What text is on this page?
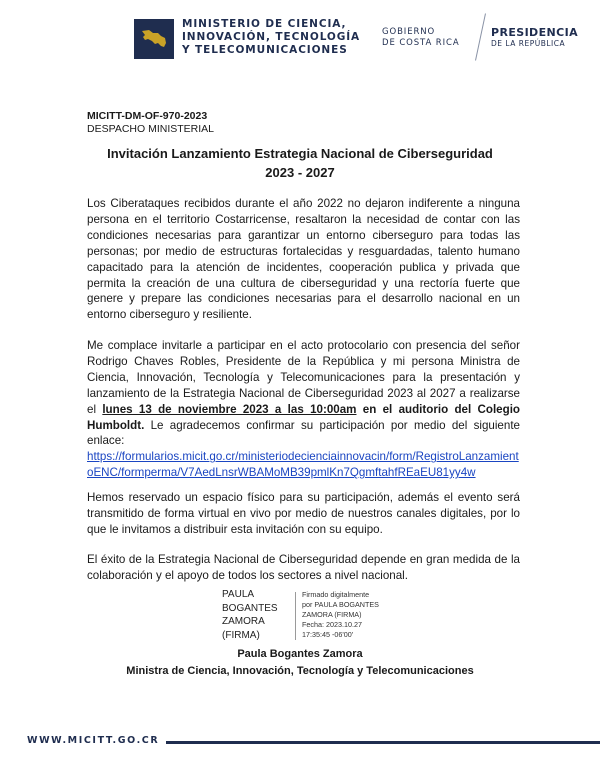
MINISTERIO DE CIENCIA,
INNOVACIÓN, TECNOLOGÍA
Y TELECOMUNICACIONES
GOBIERNO
DE COSTA RICA
PRESIDENCIA
DE LA REPÚBLICA
MICITT-DM-OF-970-2023
DESPACHO MINISTERIAL
Invitación Lanzamiento Estrategia Nacional de Ciberseguridad
2023 - 2027
Los Ciberataques recibidos durante el año 2022 no dejaron indiferente a ninguna persona en el territorio Costarricense, resaltaron la necesidad de contar con las condiciones necesarias para garantizar un entorno ciberseguro para todas las personas; por medio de estructuras fortalecidas y resguardadas, talento humano capacitado para la atención de incidentes, cooperación publica y privada que permita la creación de una cultura de ciberseguridad y una rectoría fuerte que genere y prepare las condiciones necesarias para el desarrollo nacional en un entorno ciberseguro y resiliente.
Me complace invitarle a participar en el acto protocolario con presencia del señor Rodrigo Chaves Robles, Presidente de la República y mi persona Ministra de Ciencia, Innovación, Tecnología y Telecomunicaciones para la presentación y lanzamiento de la Estrategia Nacional de Ciberseguridad 2023 al 2027 a realizarse el lunes 13 de noviembre 2023 a las 10:00am en el auditorio del Colegio Humboldt. Le agradecemos confirmar su participación por medio del siguiente enlace:
https://formularios.micit.go.cr/ministeriodecienciainnovacin/form/RegistroLanzamientoENC/formperma/V7AedLnsrWBAMoMB39pmlKn7QgmftahfREaEU81yy4w
Hemos reservado un espacio físico para su participación, además el evento será transmitido de forma virtual en vivo por medio de nuestros canales digitales, por lo que le invitamos a distribuir esta invitación con su equipo.
El éxito de la Estrategia Nacional de Ciberseguridad depende en gran medida de la colaboración y el apoyo de todos los sectores a nivel nacional.
PAULA
BOGANTES
ZAMORA
(FIRMA)
Firmado digitalmente
por PAULA BOGANTES
ZAMORA (FIRMA)
Fecha: 2023.10.27
17:35:45 -06'00'
Paula Bogantes Zamora
Ministra de Ciencia, Innovación, Tecnología y Telecomunicaciones
WWW.MICITT.GO.CR
